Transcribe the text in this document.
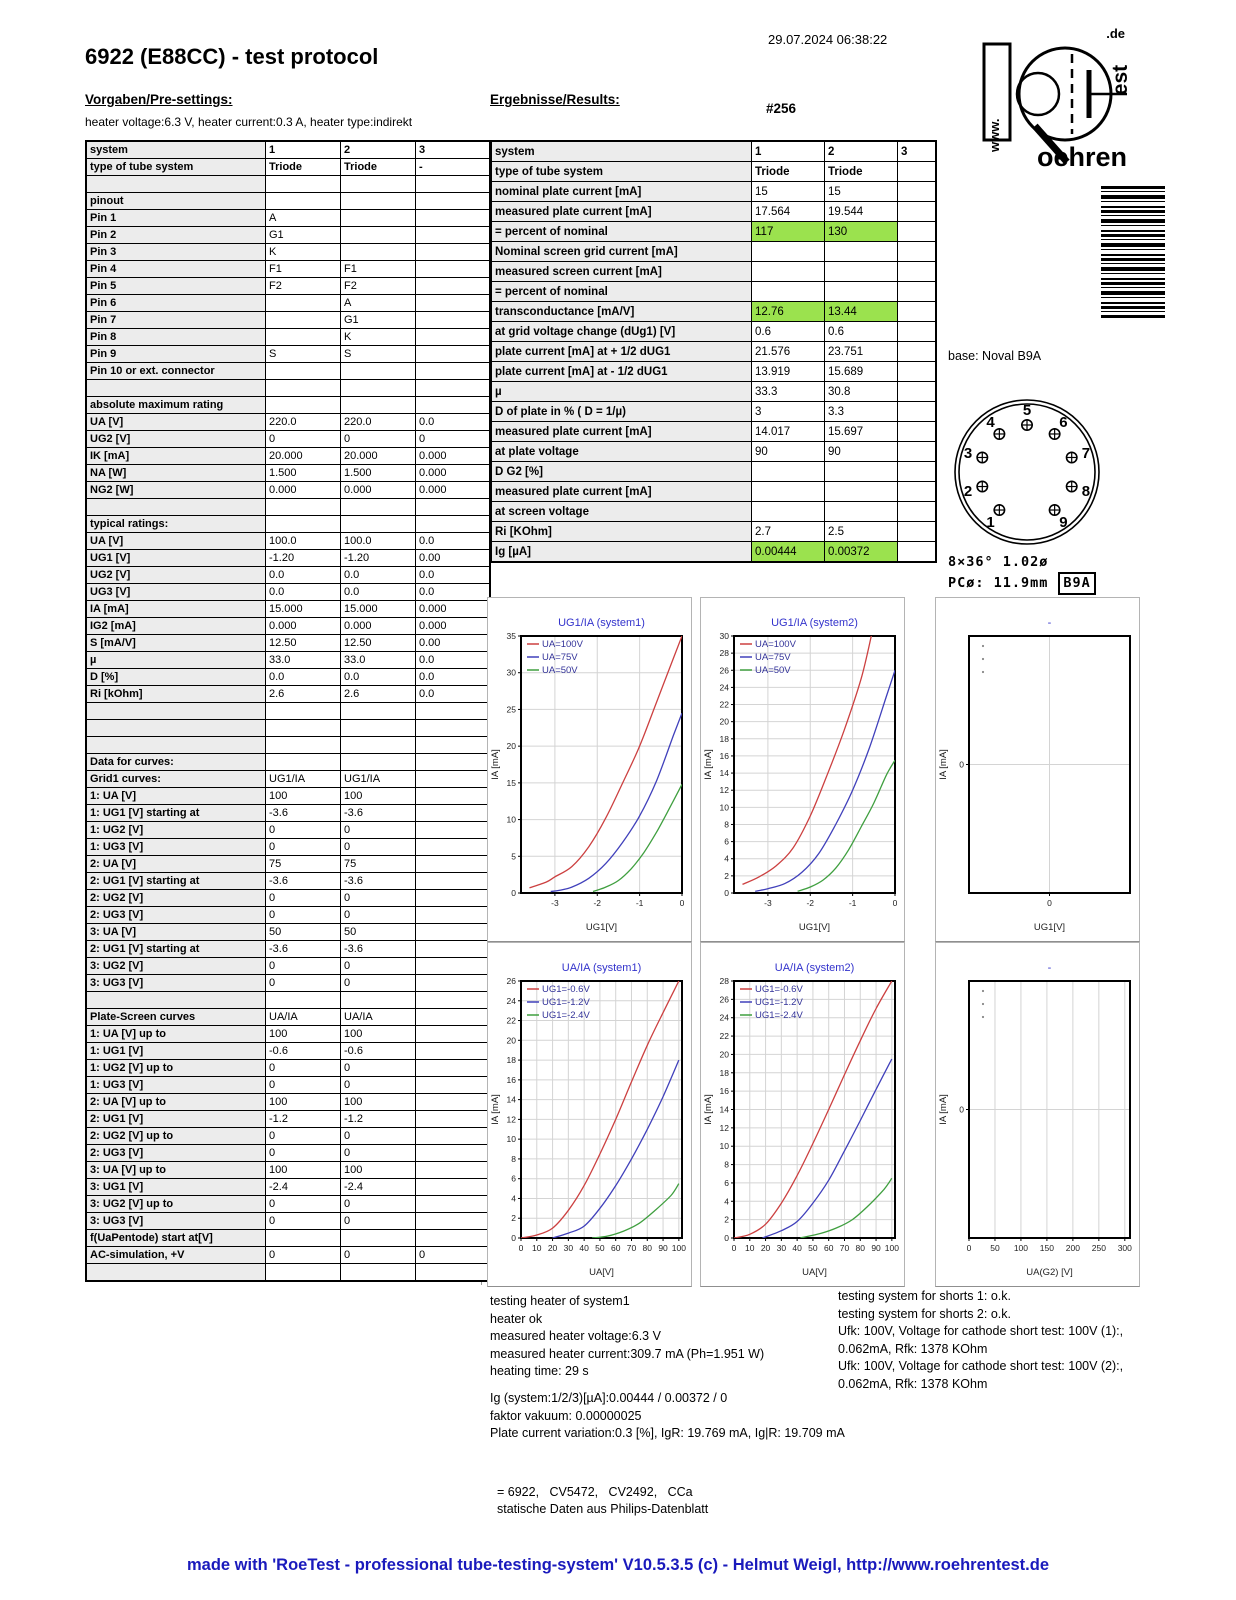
29.07.2024 06:38:22
6922 (E88CC) - test protocol
.de
est
www.
oehren
Vorgaben/Pre-settings:
heater voltage:6.3 V, heater current:0.3 A, heater type:indirekt
Ergebnisse/Results:
#256
system	1	2	3
type of tube system	Triode	Triode	-

pinout			
Pin 1	A		
Pin 2	G1		
Pin 3	K		
Pin 4	F1	F1	
Pin 5	F2	F2	
Pin 6		A	
Pin 7		G1	
Pin 8		K	
Pin 9	S	S	
Pin 10 or ext. connector			

absolute maximum rating			
UA [V]	220.0	220.0	0.0
UG2 [V]	0	0	0
IK [mA]	20.000	20.000	0.000
NA [W]	1.500	1.500	0.000
NG2 [W]	0.000	0.000	0.000

typical ratings:			
UA [V]	100.0	100.0	0.0
UG1 [V]	-1.20	-1.20	0.00
UG2 [V]	0.0	0.0	0.0
UG3 [V]	0.0	0.0	0.0
IA [mA]	15.000	15.000	0.000
IG2 [mA]	0.000	0.000	0.000
S [mA/V]	12.50	12.50	0.00
µ	33.0	33.0	0.0
D [%]	0.0	0.0	0.0
Ri [kOhm]	2.6	2.6	0.0

Data for curves:			
Grid1 curves:	UG1/IA	UG1/IA	
1: UA [V]	100	100	
1: UG1 [V] starting at	-3.6	-3.6	
1: UG2 [V]	0	0	
1: UG3 [V]	0	0	
2: UA [V]	75	75	
2: UG1 [V] starting at	-3.6	-3.6	
2: UG2 [V]	0	0	
2: UG3 [V]	0	0	
3: UA [V]	50	50	
2: UG1 [V] starting at	-3.6	-3.6	
3: UG2 [V]	0	0	
3: UG3 [V]	0	0	

Plate-Screen curves	UA/IA	UA/IA	
1: UA [V] up to	100	100	
1: UG1 [V]	-0.6	-0.6	
1: UG2 [V] up to	0	0	
1: UG3 [V]	0	0	
2: UA [V] up to	100	100	
2: UG1 [V]	-1.2	-1.2	
2: UG2 [V] up to	0	0	
2: UG3 [V]	0	0	
3: UA [V] up to	100	100	
3: UG1 [V]	-2.4	-2.4	
3: UG2 [V] up to	0	0	
3: UG3 [V]	0	0	
f(UaPentode) start at[V]			
AC-simulation, +V	0	0	0

system	1	2	3
type of tube system	Triode	Triode	
nominal plate current [mA]	15	15	
measured plate current [mA]	17.564	19.544	
= percent of nominal	117	130	
Nominal screen grid current [mA]			
measured screen current [mA]			
= percent of nominal			
transconductance [mA/V]	12.76	13.44	
at grid voltage change (dUg1) [V]	0.6	0.6	
plate current [mA] at + 1/2 dUG1	21.576	23.751	
plate current [mA] at - 1/2 dUG1	13.919	15.689	
µ	33.3	30.8	
D of plate in % ( D = 1/µ)	3	3.3	
measured plate current [mA]	14.017	15.697	
at plate voltage	90	90	
D G2 [%]			
measured plate current [mA]			
at screen voltage			
Ri [KOhm]	2.7	2.5	
Ig [µA]	0.00444	0.00372	
base: Noval B9A
1
2
3
4
5
6
7
8
9
8×36° 1.02ø
PCø: 11.9mm B9A
-3	-2	-1	0
0
5
10
15
20
25
30
35
UG1/IA (system1)
IA [mA]
UG1[V]
UA=100V
UA=75V
UA=50V
-3	-2	-1	0
0
2
4
6
8
10
12
14
16
18
20
22
24
26
28
30
UG1/IA (system2)
IA [mA]
UG1[V]
UA=100V
UA=75V
UA=50V
0
0
-
IA [mA]
UG1[V]
0 10 20 30 40 50 60 70 80 90 100
0
2
4
6
8
10
12
14
16
18
20
22
24
26
UA/IA (system1)
IA [mA]
UA[V]
UG1=-0.6V
UG1=-1.2V
UG1=-2.4V
0 10 20 30 40 50 60 70 80 90 100
0
2
4
6
8
10
12
14
16
18
20
22
24
26
28
UA/IA (system2)
IA [mA]
UA[V]
UG1=-0.6V
UG1=-1.2V
UG1=-2.4V
0 50 100 150 200 250 300
0
-
IA [mA]
UA(G2) [V]
testing heater of system1
heater ok
measured heater voltage:6.3 V
measured heater current:309.7 mA (Ph=1.951 W)
heating time: 29 s
Ig (system:1/2/3)[µA]:0.00444 / 0.00372 / 0
faktor vakuum: 0.00000025
Plate current variation:0.3 [%], IgR: 19.769 mA, Ig|R: 19.709 mA
testing system for shorts 1: o.k.
testing system for shorts 2: o.k.
Ufk: 100V, Voltage for cathode short test: 100V (1):,
0.062mA, Rfk: 1378 KOhm
Ufk: 100V, Voltage for cathode short test: 100V (2):,
0.062mA, Rfk: 1378 KOhm
= 6922,   CV5472,   CV2492,   CCa
statische Daten aus Philips-Datenblatt
made with 'RoeTest - professional tube-testing-system' V10.5.3.5 (c) - Helmut Weigl, http://www.roehrentest.de
